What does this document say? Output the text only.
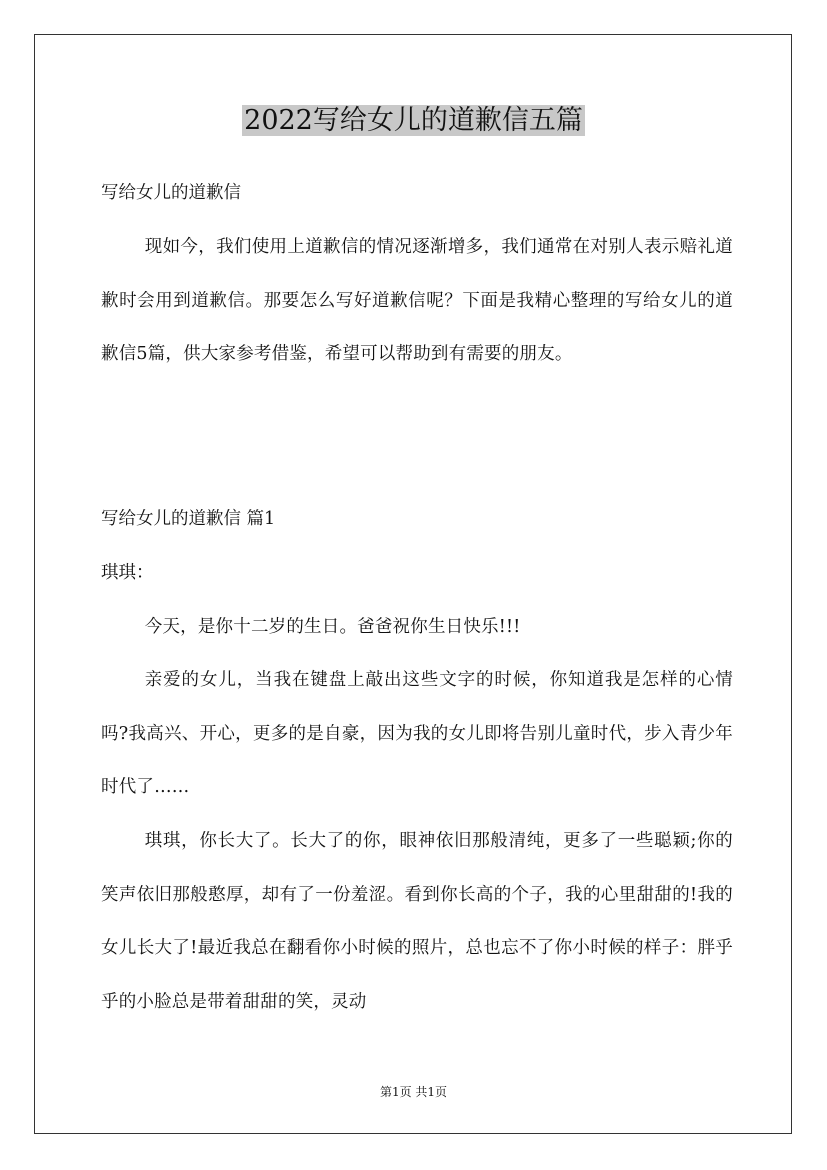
2022写给女儿的道歉信五篇

写给女儿的道歉信

现如今，我们使用上道歉信的情况逐渐增多，我们通常在对别人表示赔礼道歉时会用到道歉信。那要怎么写好道歉信呢？下面是我精心整理的写给女儿的道歉信5篇，供大家参考借鉴，希望可以帮助到有需要的朋友。

写给女儿的道歉信 篇1

琪琪：

今天，是你十二岁的生日。爸爸祝你生日快乐!!!

亲爱的女儿，当我在键盘上敲出这些文字的时候，你知道我是怎样的心情吗?我高兴、开心，更多的是自豪，因为我的女儿即将告别儿童时代，步入青少年时代了……

琪琪，你长大了。长大了的你，眼神依旧那般清纯，更多了一些聪颖;你的笑声依旧那般憨厚，却有了一份羞涩。看到你长高的个子，我的心里甜甜的!我的女儿长大了!最近我总在翻看你小时候的照片，总也忘不了你小时候的样子：胖乎乎的小脸总是带着甜甜的笑，灵动

第1页 共1页
